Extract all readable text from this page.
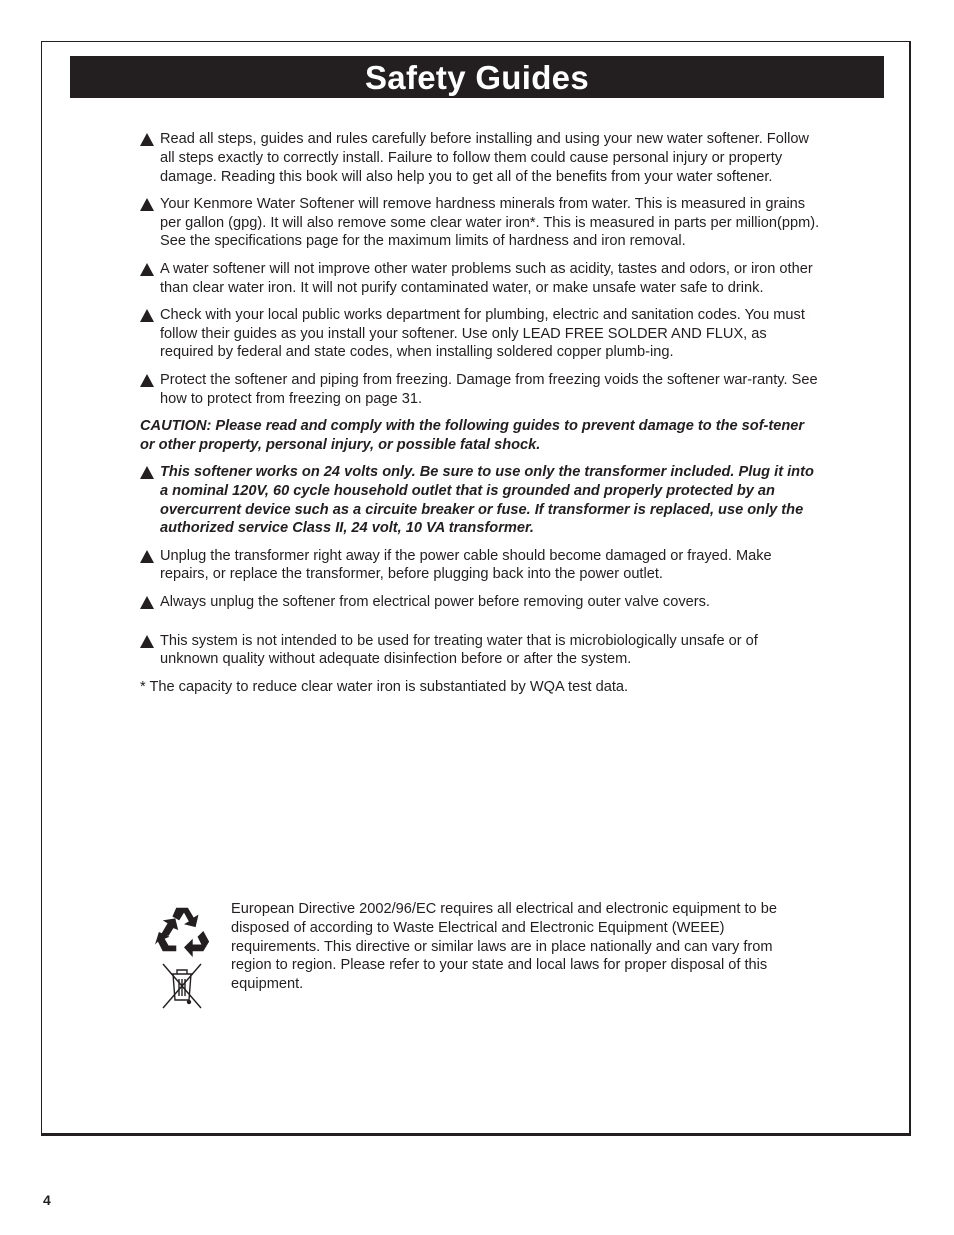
Safety Guides
Read all steps, guides and rules carefully before installing and using your new water softener. Follow all steps exactly to correctly install. Failure to follow them could cause personal injury or property damage. Reading this book will also help you to get all of the benefits from your water softener.
Your Kenmore Water Softener will remove hardness minerals from water. This is measured in grains per gallon (gpg). It will also remove some clear water iron*. This is measured in parts per million(ppm). See the specifications page for the maximum limits of hardness and iron removal.
A water softener will not improve other water problems such as acidity, tastes and odors, or iron other than clear water iron. It will not purify contaminated water, or make unsafe water safe to drink.
Check with your local public works department for plumbing, electric and sanitation codes. You must follow their guides as you install your softener. Use only LEAD FREE SOLDER AND FLUX, as required by federal and state codes, when installing soldered copper plumb-ing.
Protect the softener and piping from freezing. Damage from freezing voids the softener war-ranty. See how to protect from freezing on page 31.

CAUTION: Please read and comply with the following guides to prevent damage to the sof-tener or other property, personal injury, or possible fatal shock.

This softener works on 24 volts only. Be sure to use only the transformer included. Plug it into a nominal 120V, 60 cycle household outlet that is grounded and properly protected by an overcurrent device such as a circuite breaker or fuse. If transformer is replaced, use only the authorized service Class II, 24 volt, 10 VA transformer.
Unplug the transformer right away if the power cable should become damaged or frayed. Make repairs, or replace the transformer, before plugging back into the power outlet.
Always unplug the softener from electrical power before removing outer valve covers.
This system is not intended to be used for treating water that is microbiologically unsafe or of unknown quality without adequate disinfection before or after the system.

* The capacity to reduce clear water iron is substantiated by WQA test data.

European Directive 2002/96/EC requires all electrical and electronic equipment to be disposed of according to Waste Electrical and Electronic Equipment (WEEE) requirements. This directive or similar laws are in place nationally and can vary from region to region. Please refer to your state and local laws for proper disposal of this equipment.
4
